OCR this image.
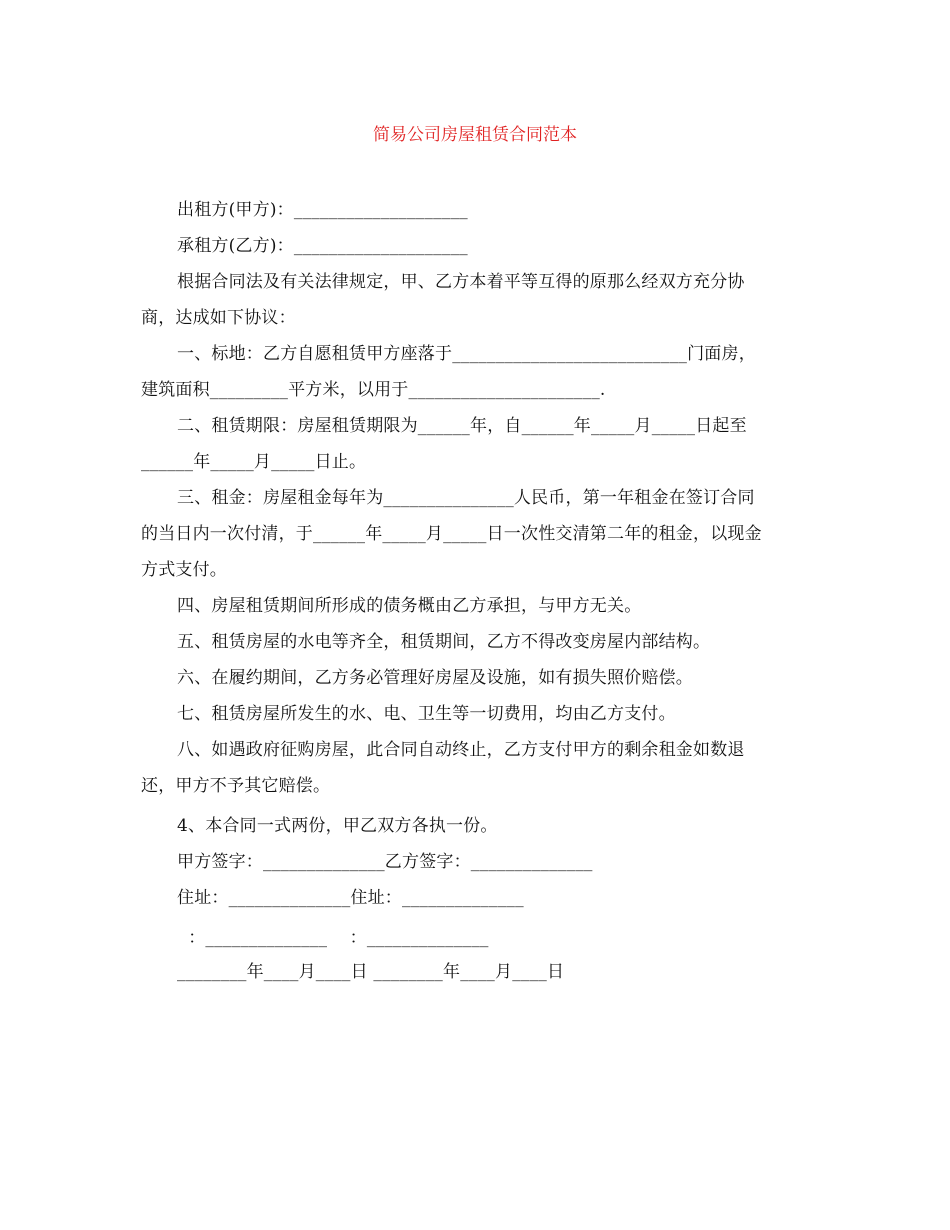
简易公司房屋租赁合同范本
出租方(甲方)：____________________
承租方(乙方)：____________________
根据合同法及有关法律规定，甲、乙方本着平等互得的原那么经双方充分协
商，达成如下协议：
一、标地：乙方自愿租赁甲方座落于___________________________门面房，
建筑面积_________平方米，以用于______________________.
二、租赁期限：房屋租赁期限为______年，自______年_____月_____日起至
______年_____月_____日止。
三、租金：房屋租金每年为_______________人民币，第一年租金在签订合同
的当日内一次付清，于______年_____月_____日一次性交清第二年的租金，以现金
方式支付。
四、房屋租赁期间所形成的债务概由乙方承担，与甲方无关。
五、租赁房屋的水电等齐全，租赁期间，乙方不得改变房屋内部结构。
六、在履约期间，乙方务必管理好房屋及设施，如有损失照价赔偿。
七、租赁房屋所发生的水、电、卫生等一切费用，均由乙方支付。
八、如遇政府征购房屋，此合同自动终止，乙方支付甲方的剩余租金如数退
还，甲方不予其它赔偿。
4、本合同一式两份，甲乙双方各执一份。
甲方签字：______________乙方签字：______________
住址：______________住址：______________
：______________    ：______________
________年____月____日 ________年____月____日
